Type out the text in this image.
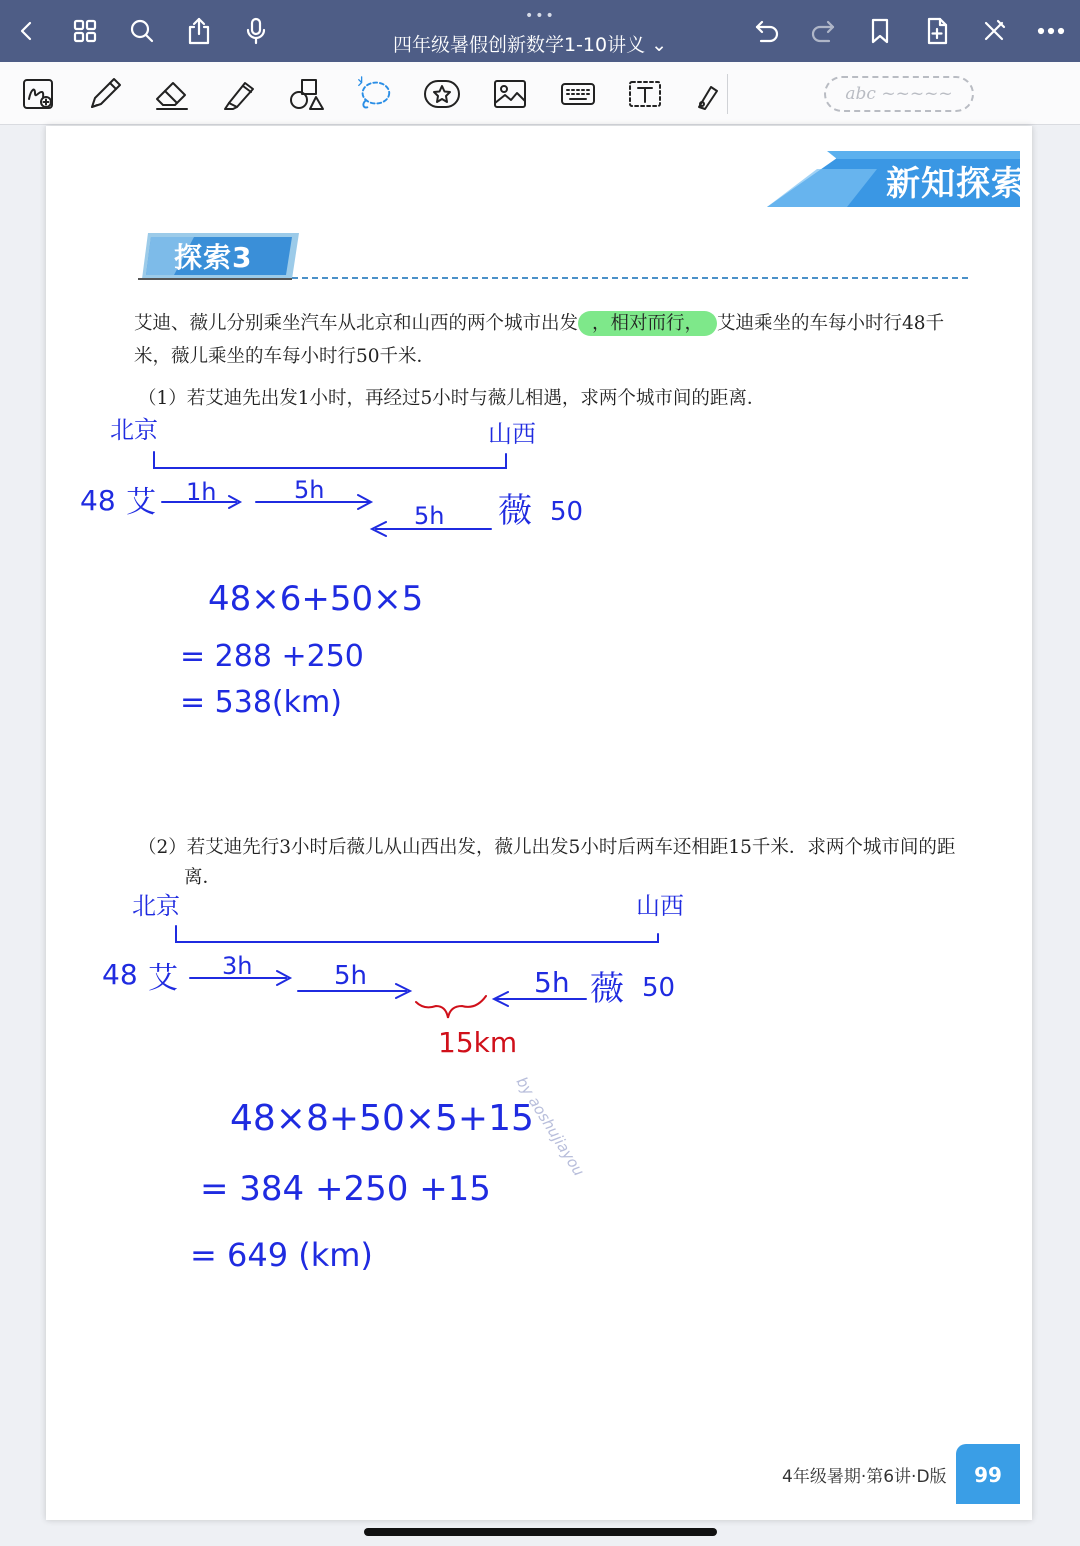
•••
四年级暑假创新数学1-10讲义 ⌄
abc ~~~~~
新知探索
探索3
艾迪、薇儿分别乘坐汽车从北京和山西的两个城市出发 ，相对而行， 艾迪乘坐的车每小时行48千
米，薇儿乘坐的车每小时行50千米．
（1）若艾迪先出发1小时，再经过5小时与薇儿相遇，求两个城市间的距离．
（2）若艾迪先行3小时后薇儿从山西出发，薇儿出发5小时后两车还相距15千米．求两个城市间的距
离．
北京	山西
48 艾 1h	5h
5h 薇 50
48×6+50×5
= 288 +250
= 538(km)
北京	山西
48 艾 3h	5h	5h 薇 50
48×8+50×5+15
= 384 +250 +15
= 649 (km)
15km
by aoshujiayou
4年级暑期·第6讲·D版	99
